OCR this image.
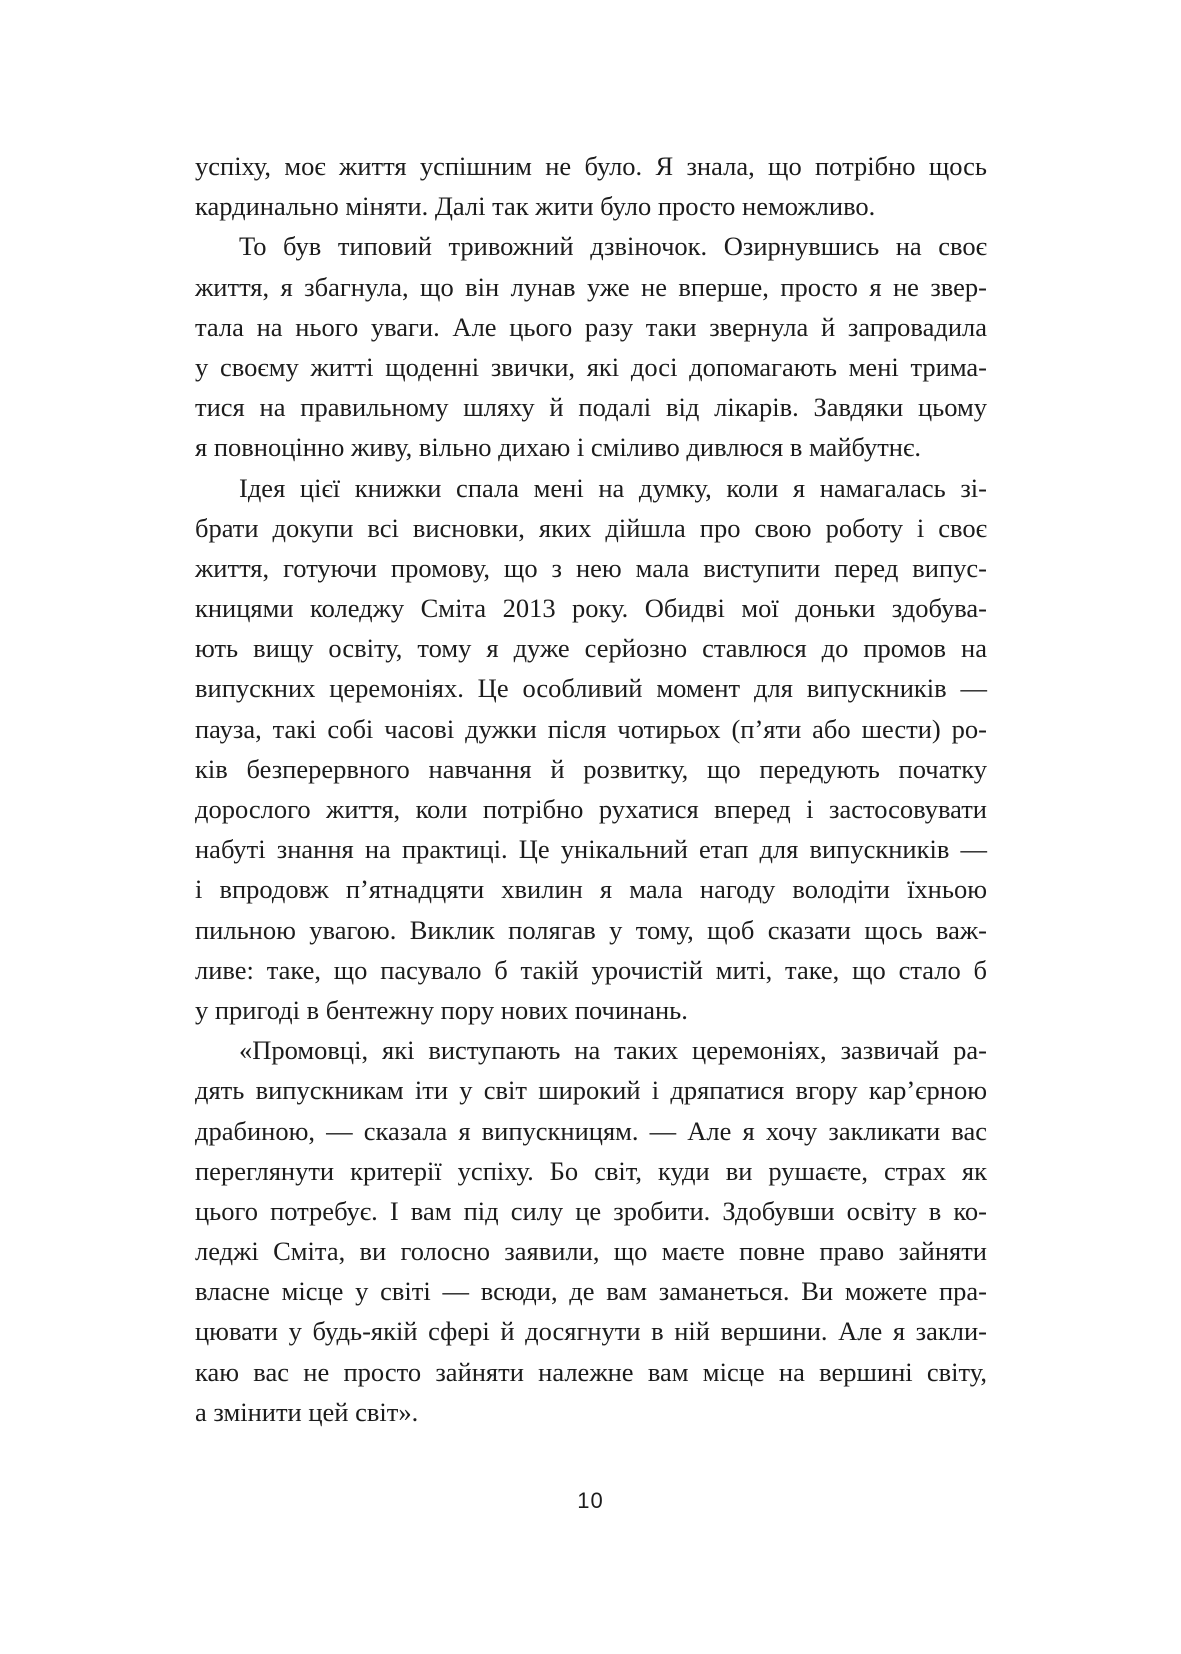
успіху, моє життя успішним не було. Я знала, що потрібно щось
кардинально міняти. Далі так жити було просто неможливо.
То був типовий тривожний дзвіночок. Озирнувшись на своє
життя, я збагнула, що він лунав уже не вперше, просто я не звер-
тала на нього уваги. Але цього разу таки звернула й запровадила
у своєму житті щоденні звички, які досі допомагають мені трима-
тися на правильному шляху й подалі від лікарів. Завдяки цьому
я повноцінно живу, вільно дихаю і сміливо дивлюся в майбутнє.
Ідея цієї книжки спала мені на думку, коли я намагалась зі-
брати докупи всі висновки, яких дійшла про свою роботу і своє
життя, готуючи промову, що з нею мала виступити перед випус-
кницями коледжу Сміта 2013 року. Обидві мої доньки здобува-
ють вищу освіту, тому я дуже серйозно ставлюся до промов на
випускних церемоніях. Це особливий момент для випускників —
пауза, такі собі часові дужки після чотирьох (п’яти або шести) ро-
ків безперервного навчання й розвитку, що передують початку
дорослого життя, коли потрібно рухатися вперед і застосовувати
набуті знання на практиці. Це унікальний етап для випускників —
і впродовж п’ятнадцяти хвилин я мала нагоду володіти їхньою
пильною увагою. Виклик полягав у тому, щоб сказати щось важ-
ливе: таке, що пасувало б такій урочистій миті, таке, що стало б
у пригоді в бентежну пору нових починань.
«Промовці, які виступають на таких церемоніях, зазвичай ра-
дять випускникам іти у світ широкий і дряпатися вгору кар’єрною
драбиною, — сказала я випускницям. — Але я хочу закликати вас
переглянути критерії успіху. Бо світ, куди ви рушаєте, страх як
цього потребує. І вам під силу це зробити. Здобувши освіту в ко-
леджі Сміта, ви голосно заявили, що маєте повне право зайняти
власне місце у світі — всюди, де вам заманеться. Ви можете пра-
цювати у будь-якій сфері й досягнути в ній вершини. Але я закли-
каю вас не просто зайняти належне вам місце на вершині світу,
а змінити цей світ».
10
